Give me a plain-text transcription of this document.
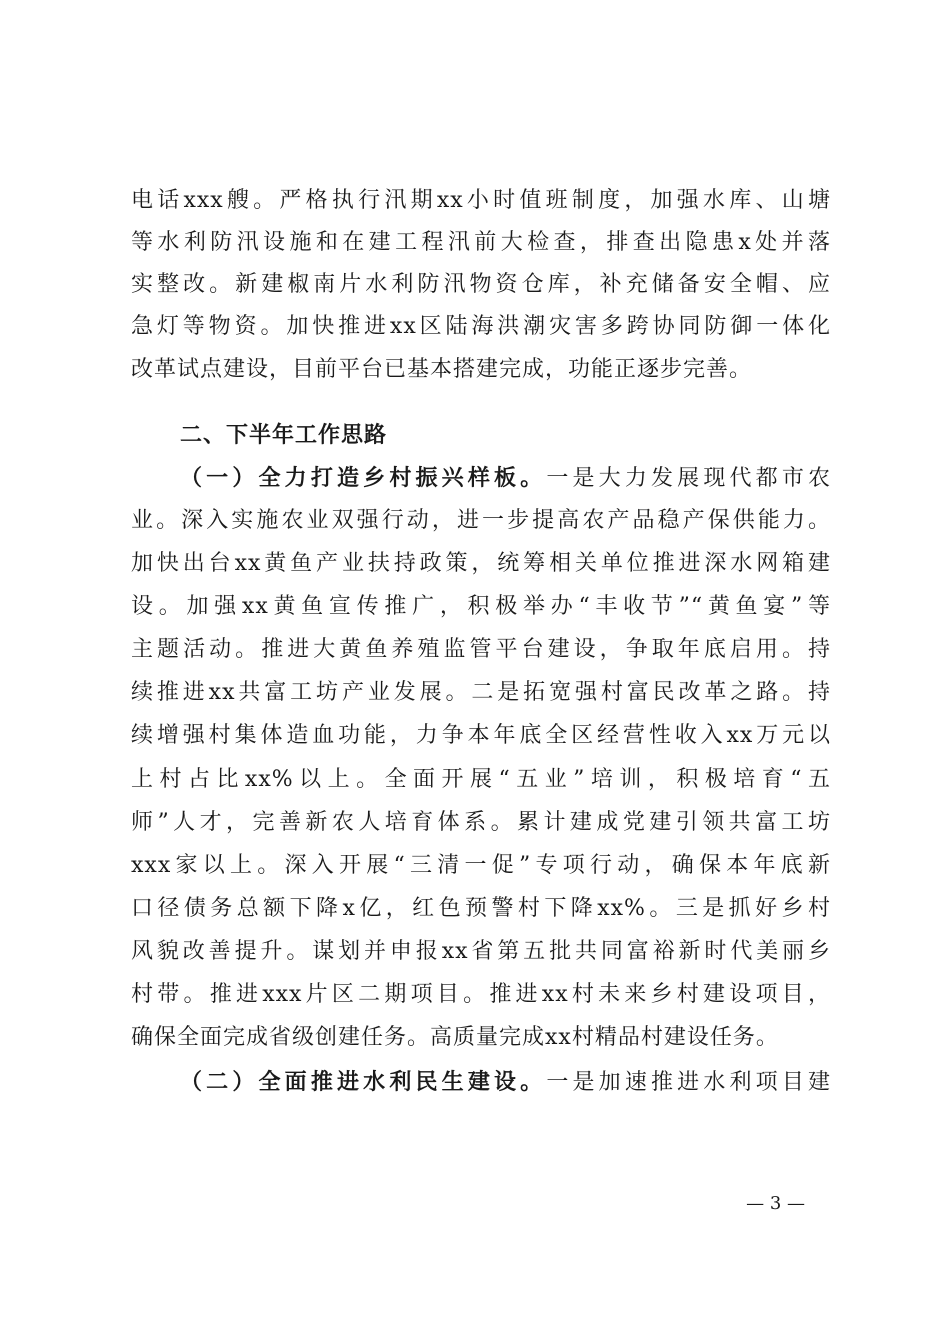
电话xxx艘。严格执行汛期xx小时值班制度，加强水库、山塘
等水利防汛设施和在建工程汛前大检查，排查出隐患x处并落
实整改。新建椒南片水利防汛物资仓库，补充储备安全帽、应
急灯等物资。加快推进xx区陆海洪潮灾害多跨协同防御一体化
改革试点建设，目前平台已基本搭建完成，功能正逐步完善。
二、下半年工作思路
（一）全力打造乡村振兴样板。一是大力发展现代都市农
业。深入实施农业双强行动，进一步提高农产品稳产保供能力。
加快出台xx黄鱼产业扶持政策，统筹相关单位推进深水网箱建
设。加强xx黄鱼宣传推广，积极举办“丰收节”“黄鱼宴”等
主题活动。推进大黄鱼养殖监管平台建设，争取年底启用。持
续推进xx共富工坊产业发展。二是拓宽强村富民改革之路。持
续增强村集体造血功能，力争本年底全区经营性收入xx万元以
上村占比xx%以上。全面开展“五业”培训，积极培育“五
师”人才，完善新农人培育体系。累计建成党建引领共富工坊
xxx家以上。深入开展“三清一促”专项行动，确保本年底新
口径债务总额下降x亿，红色预警村下降xx%。三是抓好乡村
风貌改善提升。谋划并申报xx省第五批共同富裕新时代美丽乡
村带。推进xxx片区二期项目。推进xx村未来乡村建设项目，
确保全面完成省级创建任务。高质量完成xx村精品村建设任务。
（二）全面推进水利民生建设。一是加速推进水利项目建
— 3 —
